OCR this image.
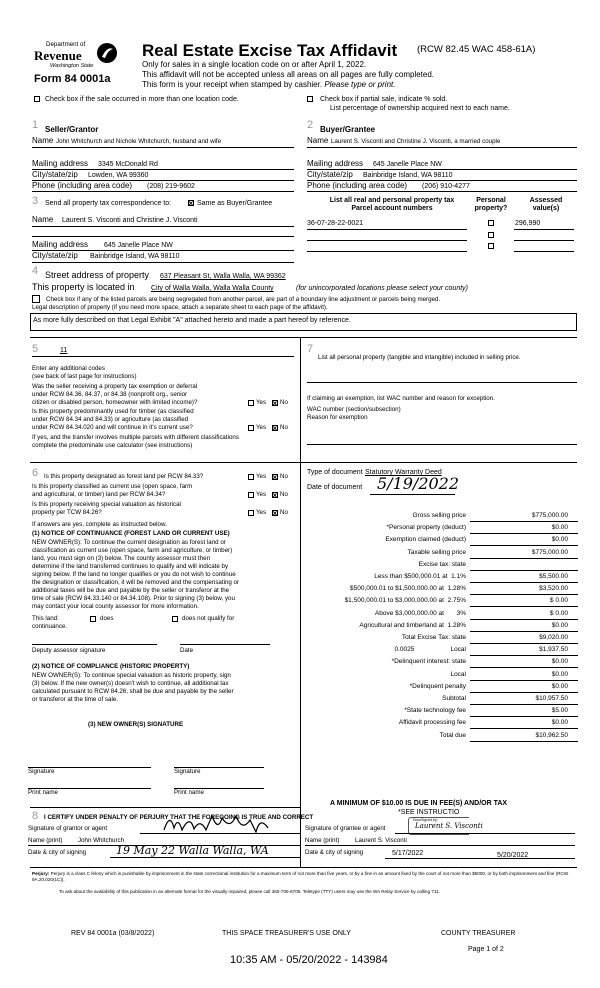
Department of
Revenue
Washington State
Form 84 0001a
Real Estate Excise Tax Affidavit (RCW 82.45 WAC 458-61A)
Only for sales in a single location code on or after April 1, 2022.
This affidavit will not be accepted unless all areas on all pages are fully completed.
This form is your receipt when stamped by cashier. Please type or print.
Check box if the sale occurred in more than one location code.	Check box if partial sale, indicate % sold.
List percentage of ownership acquired next to each name.
1 Seller/Grantor
Name John Whitchurch and Nichole Whitchurch, husband and wife
Mailing address 3345 McDonald Rd
City/state/zip Lowden, WA 99360
Phone (including area code) (208) 219-9602
2 Buyer/Grantee
Name Laurent S. Visconti and Christine J. Visconti, a married couple
Mailing address 645 Janelle Place NW
City/state/zip Bainbridge Island, WA 98110
Phone (including area code) (206) 910-4277
3 Send all property tax correspondence to: ×	Same as Buyer/Grantee
Name Laurent S. Visconti and Christine J. Visconti
Mailing address 645 Janelle Place NW
City/state/zip Bainbridge Island, WA 98110
List all real and personal property tax
Parcel account numbers
Personal
property?
Assessed
value(s)
36-07-28-22-0021	296,990
4 Street address of property 637 Pleasant St, Walla Walla, WA 99362
This property is located in City of Walla Walla, Walla Walla County	(for unincorporated locations please select your county)
Check box if any of the listed parcels are being segregated from another parcel, are part of a boundary line adjustment or parcels being merged.
Legal description of property (if you need more space, attach a separate sheet to each page of the affidavit).
As more fully described on that Legal Exhibit "A" attached hereto and made a part hereof by reference.
5	11
Enter any additional codes
(see back of last page for instructions)
Was the seller receiving a property tax exemption or deferral
under RCW 84.36, 84.37, or 84.38 (nonprofit org., senior
citizen or disabled person, homeowner with limited income)?	Yes × No
Is this property predominantly used for timber (as classified
under RCW 84.34 and 84.33) or agriculture (as classified
under RCW 84.34.020 and will continue in it's current use?	Yes × No
If yes, and the transfer involves multiple parcels with different classifications
complete the predominate use calculator (see instructions)
7
List all personal property (tangible and intangible) included in selling price.
If claiming an exemption, list WAC number and reason for exception.
WAC number (section/subsection)
Reason for exemption
6 Is this property designated as forest land per RCW 84.33?	Yes × No
Is this property classified as current use (open space, farm
and agricultural, or timber) land per RCW 84.34?	Yes × No
Is this property receiving special valuation as historical
property per TCW 84.26?	Yes × No
If answers are yes, complete as instructed below.
(1) NOTICE OF CONTINUANCE (FOREST LAND OR CURRENT USE)
NEW OWNER(S): To continue the current designation as forest land or
classification as current use (open space, farm and agriculture, or timber)
land, you must sign on (3) below. The county assessor must then
determine if the land transferred continues to qualify and will indicate by
signing below. If the land no longer qualifies or you do not wish to continue
the designation or classification, it will be removed and the compensating or
additional taxes will be due and payable by the seller or transferor at the
time of sale (RCW 84.33.140 or 84.34.108). Prior to signing (3) below, you
may contact your local county assessor for more information.
This land:
continuance.
does	does not qualify for
Deputy assessor signature	Date
(2) NOTICE OF COMPLIANCE (HISTORIC PROPERTY)
NEW OWNER(S): To continue special valuation as historic property, sign
(3) below. If the new owner(s) doesn't wish to continue, all additional tax
calculated pursuant to RCW 84.26, shall be due and payable by the seller
or transferor at the time of sale.
(3) NEW OWNER(S) SIGNATURE
Signature	Signature
Print name	Print name
Type of document Statutory Warranty Deed
Date of document 5/19/2022
Gross selling price	$775,000.00
*Personal property (deduct)	$0.00
Exemption claimed (deduct)	$0.00
Taxable selling price	$775,000.00
Excise tax: state
Less than $500,000.01 at  1.1%	$5,500.00
$500,000.01 to $1,500,000.00 at  1.28%	$3,520.00
$1,500,000.01 to $3,000,000.00 at  2.75%	$ 0.00
Above $3,000,000.00 at       3%	$ 0.00
Agricultural and timberland at  1.28%	$0.00
Total Excise Tax: state	$9,020.00
0.0025                    Local	$1,937.50
*Delinquent interest: state	$0.00
Local	$0.00
*Delinquent penalty	$0.00
Subtotal	$10,957.50
*State technology fee	$5.00
Affidavit processing fee	$0.00
Total due	$10,962.50
A MINIMUM OF $10.00 IS DUE IN FEE(S) AND/OR TAX
*SEE INSTRUCTIO
8 I CERTIFY UNDER PENALTY OF PERJURY THAT THE FOREGOING IS TRUE AND CORRECT
Signature of grantor or agent	Signature of grantee or agent
DocuSigned by:
Laurent S. Visconti
Name (print)	John Whitchurch	Name (print)	Laurent S. Visconti
Date & city of signing	19 May 22 Walla Walla, WA	Date & city of signing	5/17/2022	5/20/2022
Perjury: Perjury is a class C felony which is punishable by imprisonment in the state correctional institution for a maximum term of not more than five years, or by a fine in an amount fixed by the court of not more than $5000, or by both imprisonment and fine (RCW 9A.20.020(1C)).
To ask about the availability of this publication in an alternate format for the visually impaired, please call 360-705-6705. Teletype (TTY) users may use the WA Relay Service by calling 711.
REV 84 0001a (03/8/2022)	THIS SPACE TREASURER'S USE ONLY	COUNTY TREASURER
Page 1 of 2
10:35 AM - 05/20/2022 - 143984
